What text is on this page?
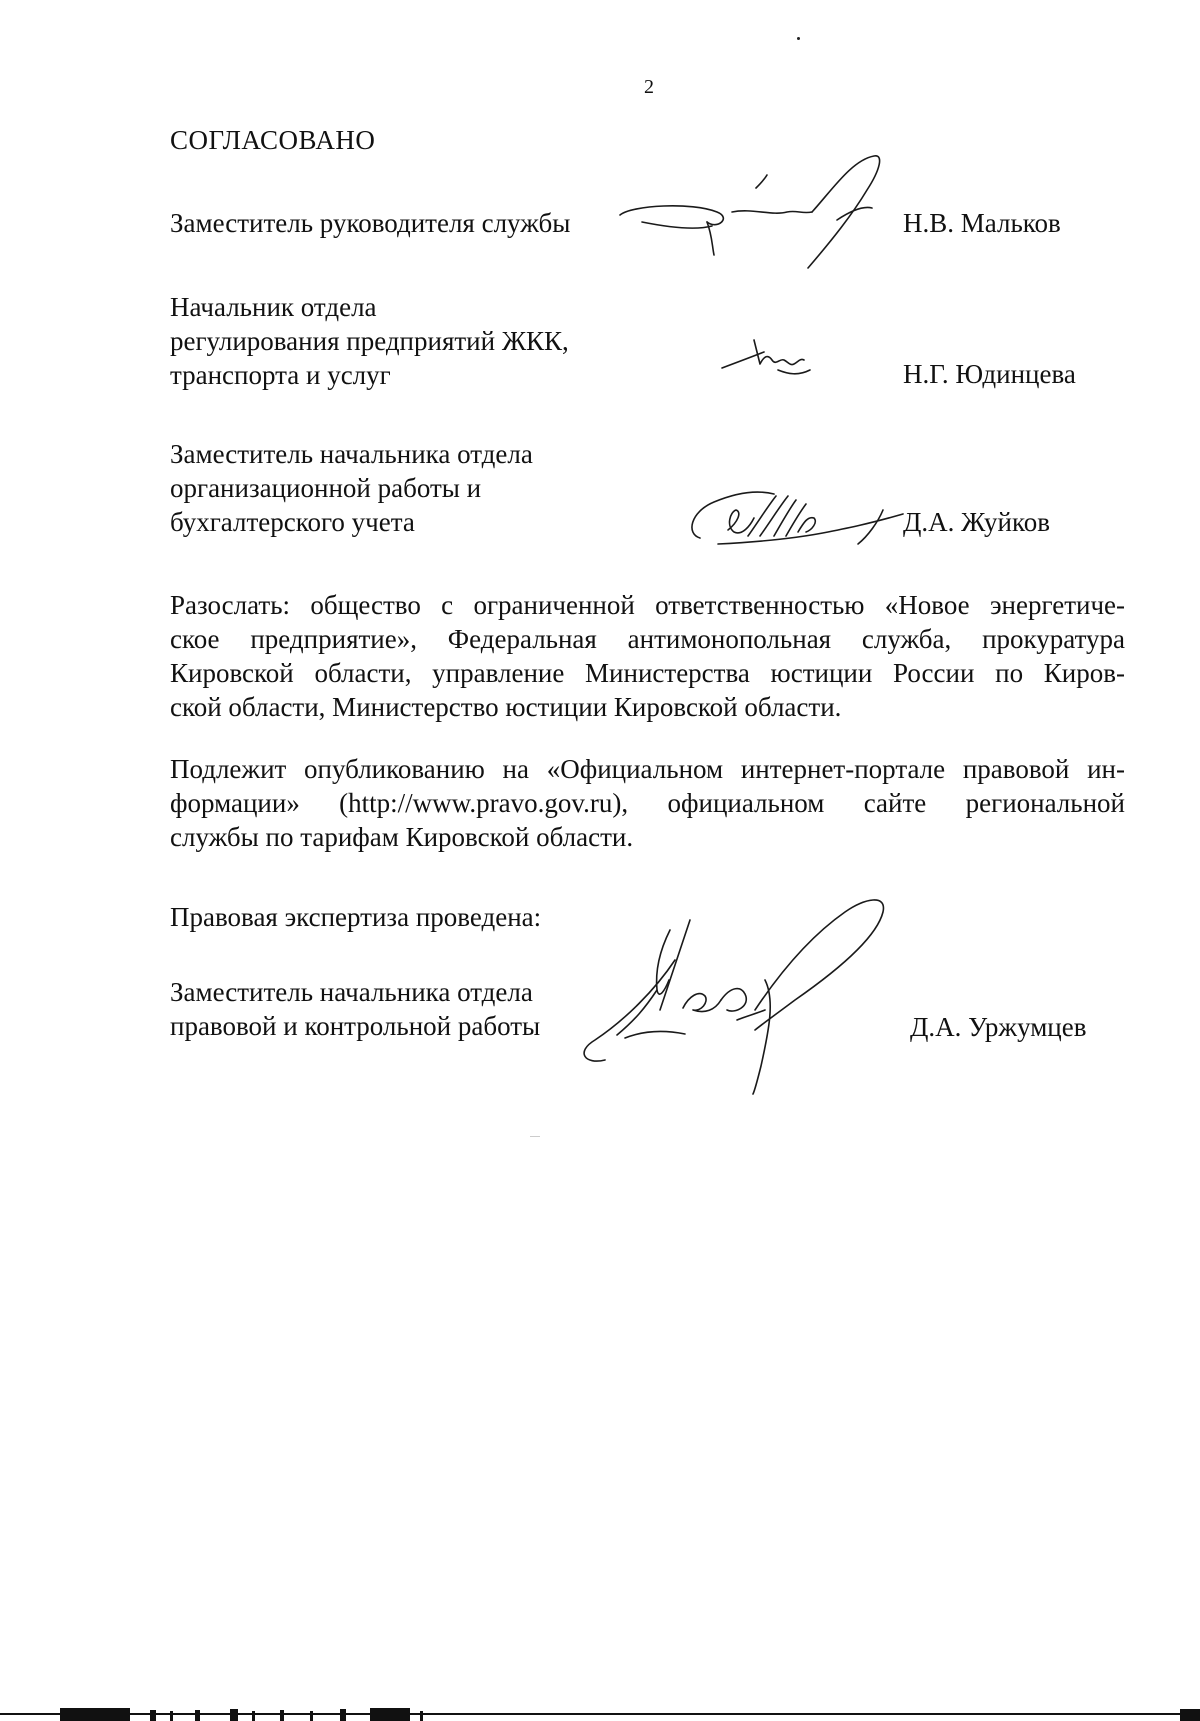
2
СОГЛАСОВАНО
Заместитель руководителя службы	Н.В. Мальков
Начальник отдела
регулирования предприятий ЖКК,
транспорта и услуг	Н.Г. Юдинцева
Заместитель начальника отдела
организационной работы и
бухгалтерского учета	Д.А. Жуйков
Разослать: общество с ограниченной ответственностью «Новое энергетиче-
ское предприятие», Федеральная антимонопольная служба, прокуратура
Кировской области, управление Министерства юстиции России по Киров-
ской области, Министерство юстиции Кировской области.
Подлежит опубликованию на «Официальном интернет-портале правовой ин-
формации» (http://www.pravo.gov.ru), официальном сайте региональной
службы по тарифам Кировской области.
Правовая экспертиза проведена:
Заместитель начальника отдела
правовой и контрольной работы	Д.А. Уржумцев
